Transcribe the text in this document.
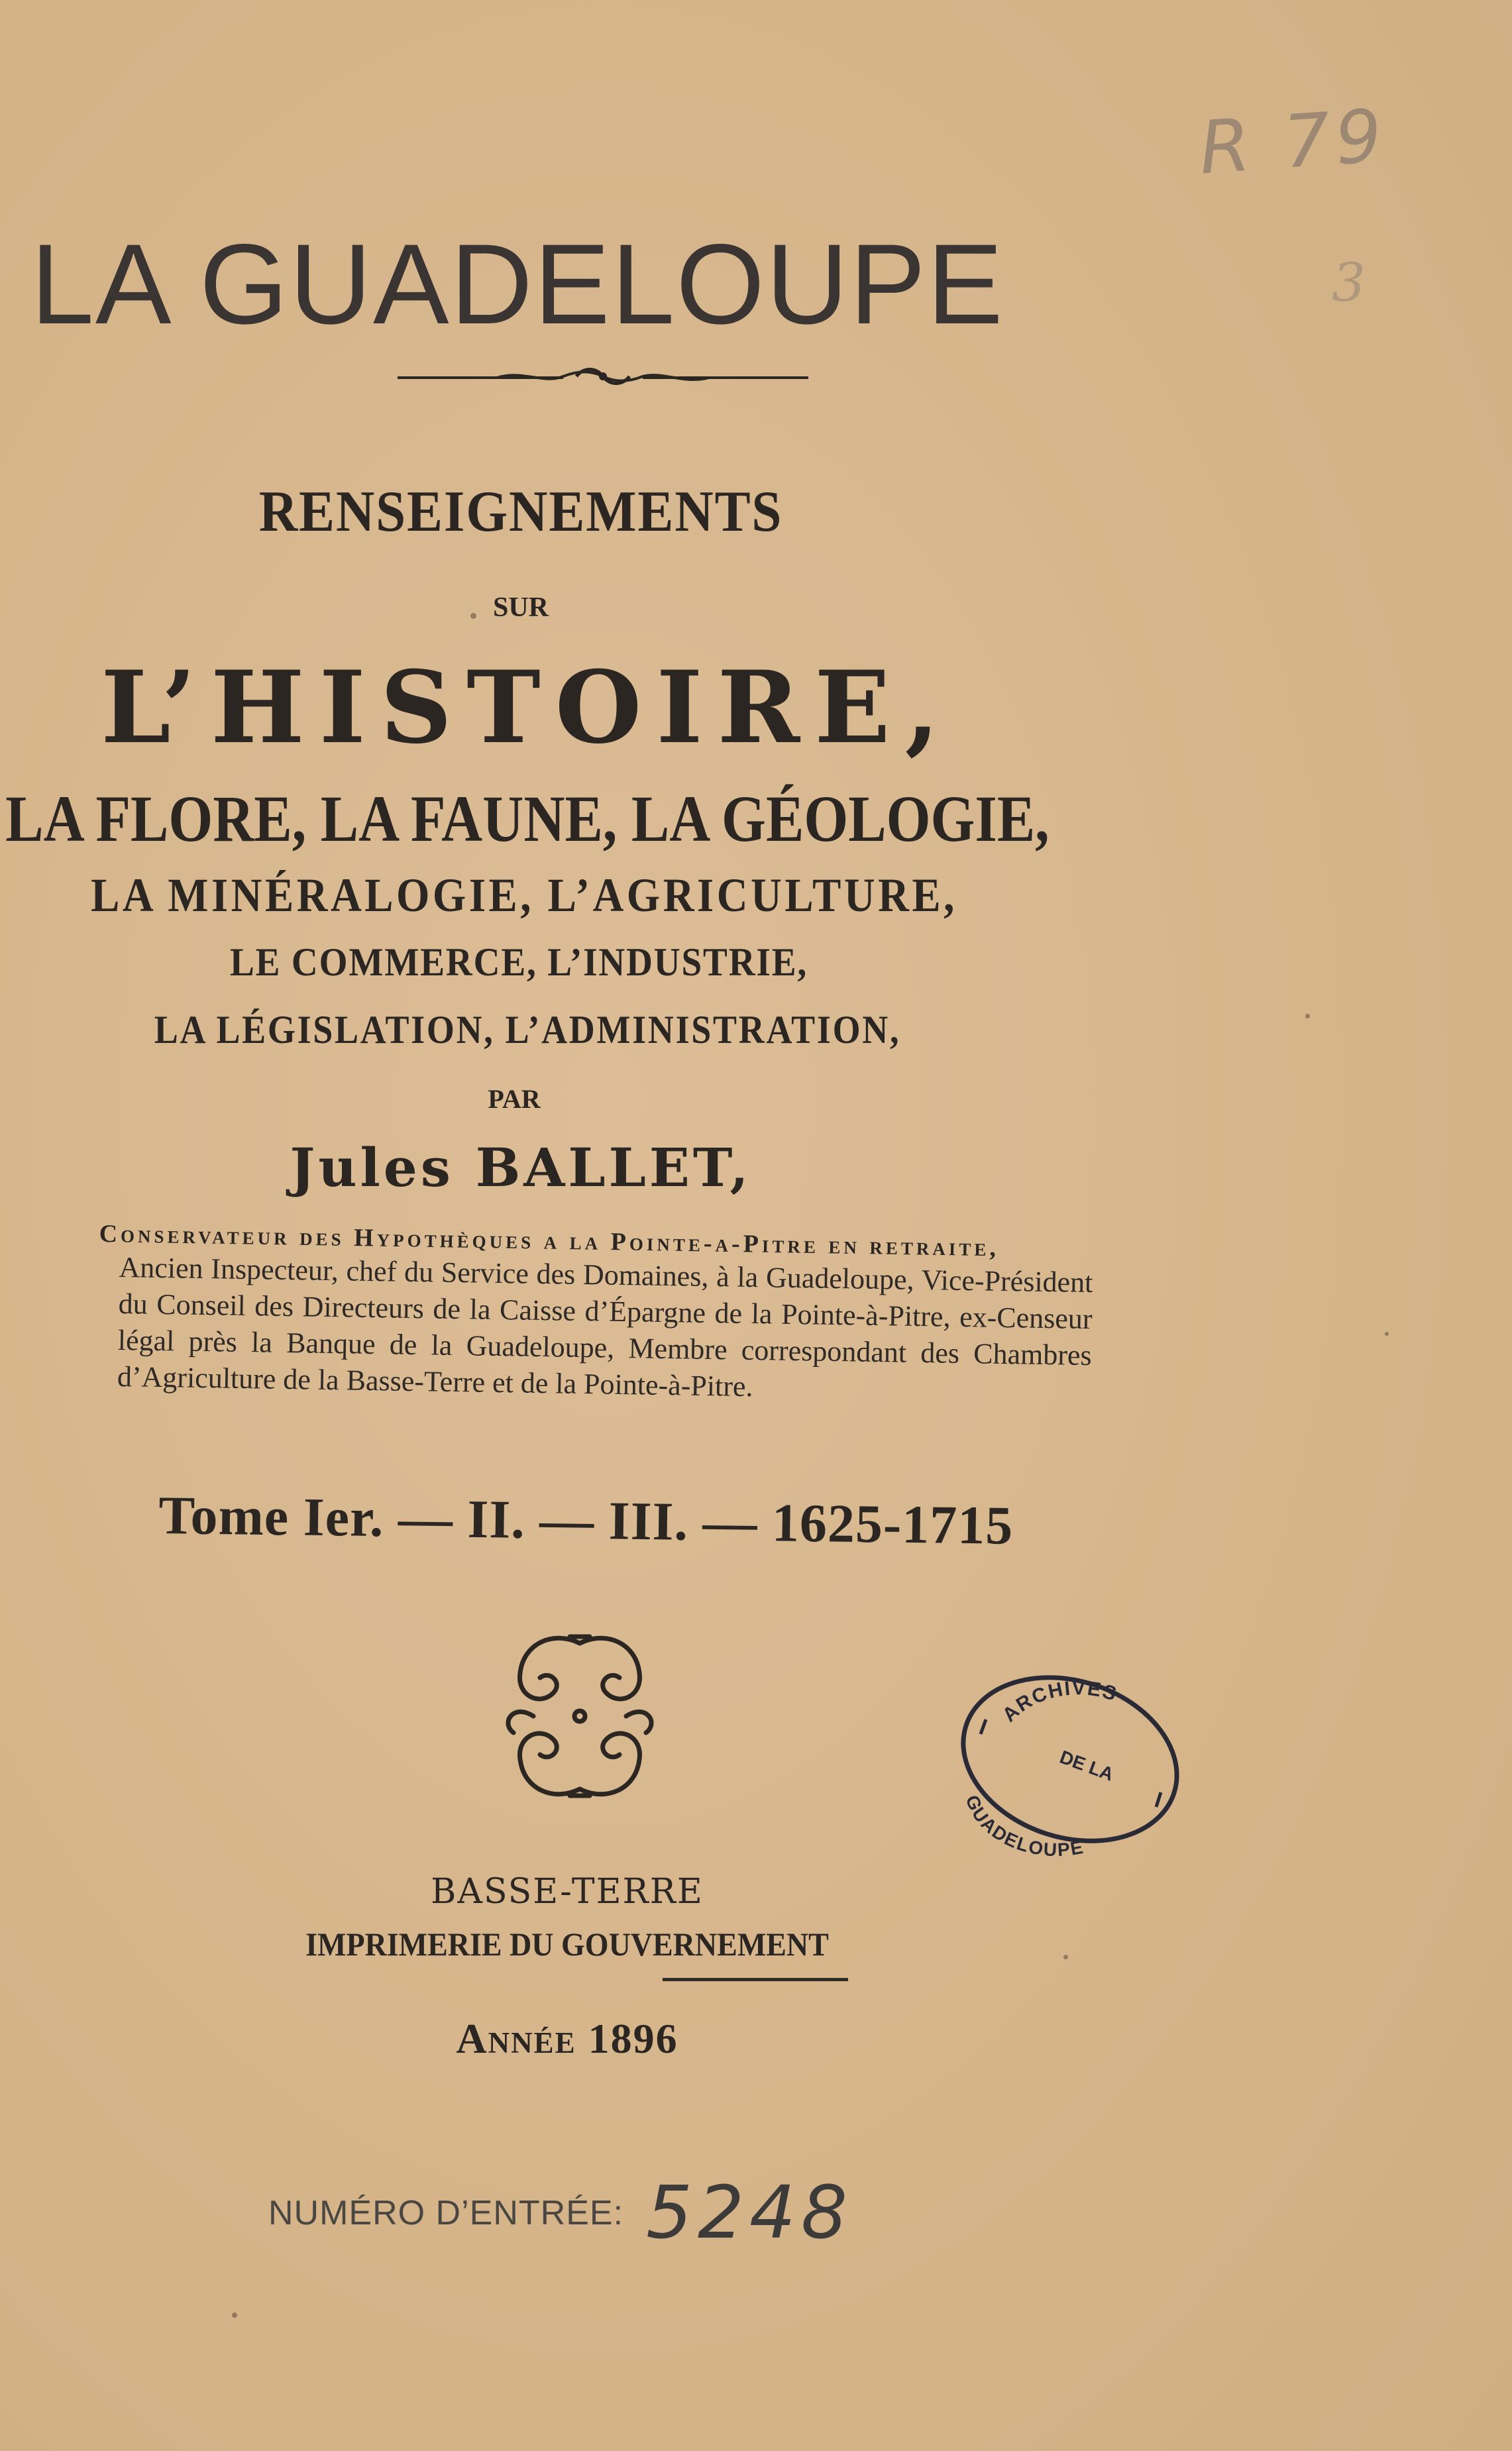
R 79
3
LA GUADELOUPE
RENSEIGNEMENTS
SUR
L’HISTOIRE,
LA FLORE, LA FAUNE, LA GÉOLOGIE,
LA MINÉRALOGIE, L’AGRICULTURE,
LE COMMERCE, L’INDUSTRIE,
LA LÉGISLATION, L’ADMINISTRATION,
PAR
Jules BALLET,
Conservateur des Hypothèques a la Pointe-a-Pitre en retraite,
Ancien Inspecteur, chef du Service des Domaines, à la Guadeloupe, Vice-Président du Conseil des Directeurs de la Caisse d’Épargne de la Pointe-à-Pitre, ex-Censeur légal près la Banque de la Guadeloupe, Membre correspondant des Chambres d’Agriculture de la Basse-Terre et de la Pointe-à-Pitre.
Tome Ier. — II. — III. — 1625-1715
ARCHIVES
DE LA
GUADELOUPE
BASSE-TERRE
IMPRIMERIE DU GOUVERNEMENT
Année 1896
NUMÉRO D’ENTRÉE: 5248
